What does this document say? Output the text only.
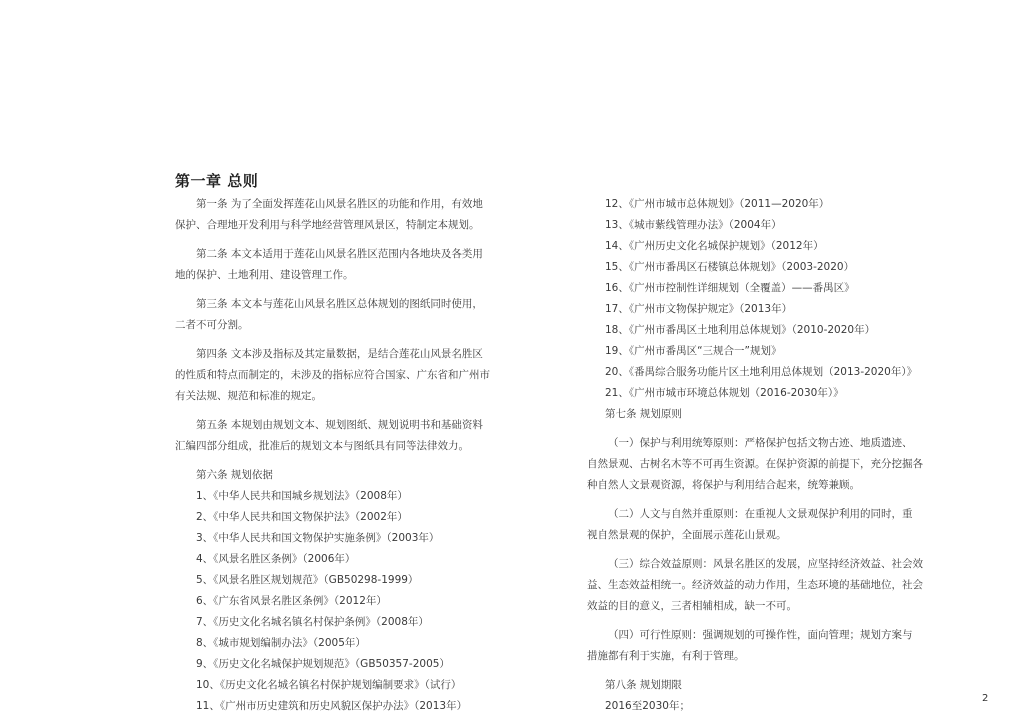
第一章 总则
第一条 为了全面发挥莲花山风景名胜区的功能和作用，有效地
保护、合理地开发利用与科学地经营管理风景区，特制定本规划。
第二条 本文本适用于莲花山风景名胜区范围内各地块及各类用
地的保护、土地利用、建设管理工作。
第三条 本文本与莲花山风景名胜区总体规划的图纸同时使用，
二者不可分割。
第四条 文本涉及指标及其定量数据，是结合莲花山风景名胜区
的性质和特点而制定的，未涉及的指标应符合国家、广东省和广州市
有关法规、规范和标准的规定。
第五条 本规划由规划文本、规划图纸、规划说明书和基础资料
汇编四部分组成，批准后的规划文本与图纸具有同等法律效力。
第六条 规划依据
1、《中华人民共和国城乡规划法》（2008年）
2、《中华人民共和国文物保护法》（2002年）
3、《中华人民共和国文物保护实施条例》（2003年）
4、《风景名胜区条例》（2006年）
5、《风景名胜区规划规范》（GB50298-1999）
6、《广东省风景名胜区条例》（2012年）
7、《历史文化名城名镇名村保护条例》（2008年）
8、《城市规划编制办法》（2005年）
9、《历史文化名城保护规划规范》（GB50357-2005）
10、《历史文化名城名镇名村保护规划编制要求》（试行）
11、《广州市历史建筑和历史风貌区保护办法》（2013年）
12、《广州市城市总体规划》（2011—2020年）
13、《城市紫线管理办法》（2004年）
14、《广州历史文化名城保护规划》（2012年）
15、《广州市番禺区石楼镇总体规划》（2003-2020）
16、《广州市控制性详细规划（全覆盖）——番禺区》
17、《广州市文物保护规定》（2013年）
18、《广州市番禺区土地利用总体规划》（2010-2020年）
19、《广州市番禺区“三规合一”规划》
20、《番禺综合服务功能片区土地利用总体规划（2013-2020年）》
21、《广州市城市环境总体规划（2016-2030年）》
第七条 规划原则
（一）保护与利用统筹原则：严格保护包括文物古迹、地质遗迹、
自然景观、古树名木等不可再生资源。在保护资源的前提下，充分挖掘各
种自然人文景观资源，将保护与利用结合起来，统筹兼顾。
（二）人文与自然并重原则：在重视人文景观保护利用的同时，重
视自然景观的保护，全面展示莲花山景观。
（三）综合效益原则：风景名胜区的发展，应坚持经济效益、社会效
益、生态效益相统一。经济效益的动力作用，生态环境的基础地位，社会
效益的目的意义，三者相辅相成，缺一不可。
（四）可行性原则：强调规划的可操作性，面向管理；规划方案与
措施都有利于实施，有利于管理。
第八条 规划期限
2016至2030年；
2
